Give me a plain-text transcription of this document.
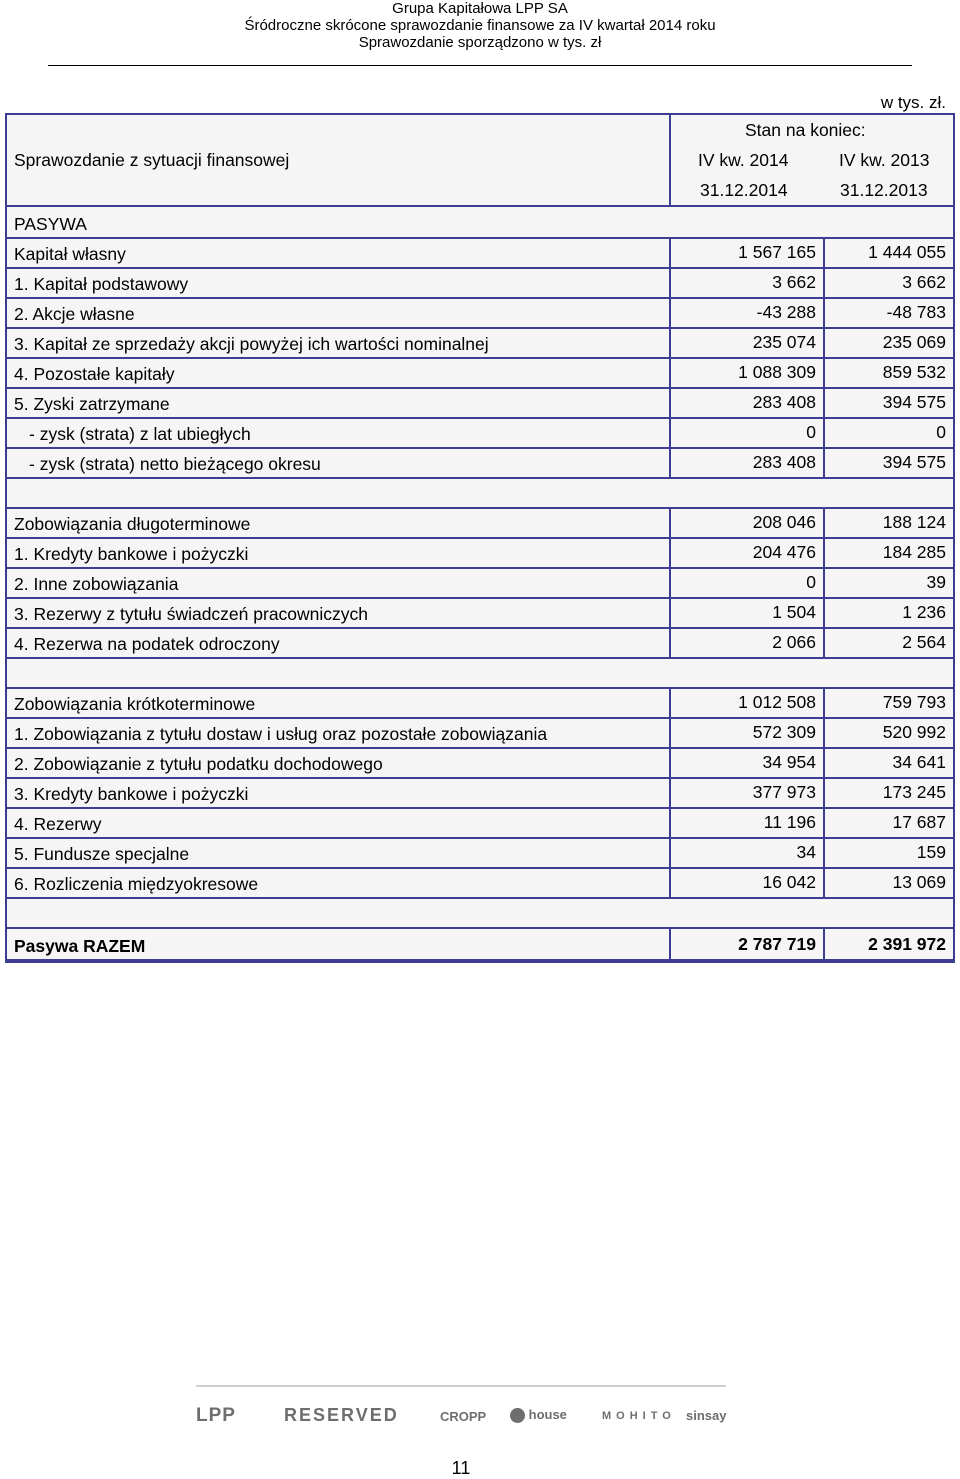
Grupa Kapitałowa LPP SA
Śródroczne skrócone sprawozdanie finansowe za IV kwartał 2014 roku
Sprawozdanie sporządzono w tys. zł
w tys. zł.
Sprawozdanie z sytuacji finansowej
Stan na koniec:
IV kw. 2014	IV kw. 2013
31.12.2014	31.12.2013
PASYWA
Kapitał własny	1 567 165	1 444 055
1. Kapitał podstawowy	3 662	3 662
2. Akcje własne	-43 288	-48 783
3. Kapitał ze sprzedaży akcji powyżej ich wartości nominalnej	235 074	235 069
4. Pozostałe kapitały	1 088 309	859 532
5. Zyski zatrzymane	283 408	394 575
- zysk (strata) z lat ubiegłych	0	0
- zysk (strata) netto bieżącego okresu	283 408	394 575
Zobowiązania długoterminowe	208 046	188 124
1. Kredyty bankowe i pożyczki	204 476	184 285
2. Inne zobowiązania	0	39
3. Rezerwy z tytułu świadczeń pracowniczych	1 504	1 236
4. Rezerwa na podatek odroczony	2 066	2 564
Zobowiązania krótkoterminowe	1 012 508	759 793
1. Zobowiązania z tytułu dostaw i usług oraz pozostałe zobowiązania	572 309	520 992
2. Zobowiązanie z tytułu podatku dochodowego	34 954	34 641
3. Kredyty bankowe i pożyczki	377 973	173 245
4. Rezerwy	11 196	17 687
5. Fundusze specjalne	34	159
6. Rozliczenia międzyokresowe	16 042	13 069
Pasywa RAZEM	2 787 719	2 391 972
LPP	RESERVED	CROPP	house	MOHITO sinsay
11
